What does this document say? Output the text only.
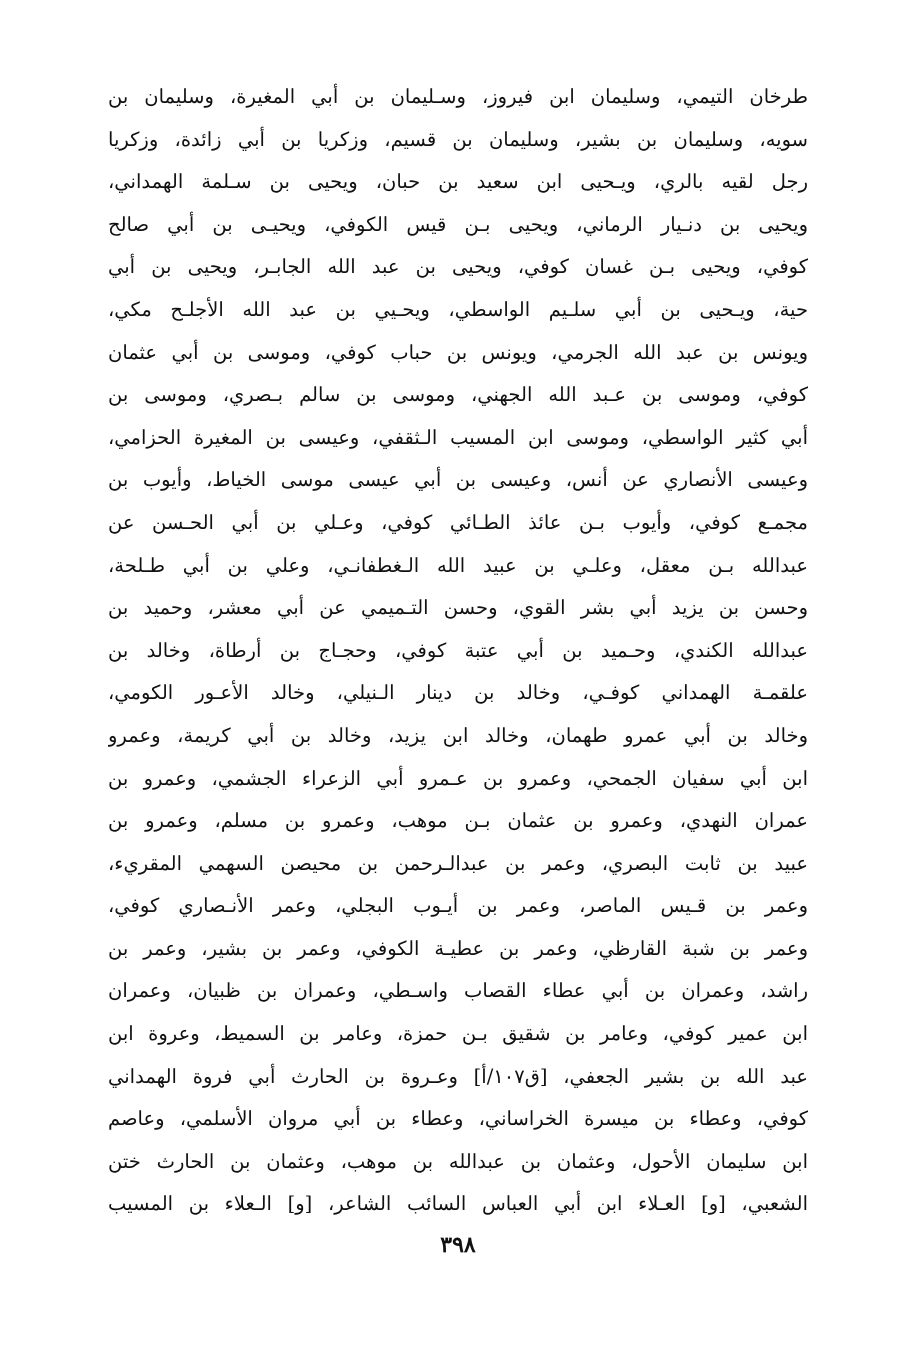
طرخان التيمي، وسليمان ابن فيروز، وسـليمان بن أبي المغيرة، وسليمان بن
سويه، وسليمان بن بشير، وسليمان بن قسيم، وزكريا بن أبي زائدة، وزكريا
رجل لقيه بالري، ويـحيى ابن سعيد بن حبان، ويحيى بن سـلمة الهمداني،
ويحيى بن دنـيار الرماني، ويحيى بـن قيس الكوفي، ويحيـى بن أبي صالح
كوفي، ويحيى بـن غسان كوفي، ويحيى بن عبد الله الجابـر، ويحيى بن أبي
حية، ويـحيى بن أبي سلـيم الواسطي، ويحـيي بن عبد الله الأجلـح مكي،
ويونس بن عبد الله الجرمي، ويونس بن حباب كوفي، وموسى بن أبي عثمان
كوفي، وموسى بن عـبد الله الجهني، وموسى بن سالم بـصري، وموسى بن
أبي كثير الواسطي، وموسى ابن المسيب الـثقفي، وعيسى بن المغيرة الحزامي،
وعيسى الأنصاري عن أنس، وعيسى بن أبي عيسى موسى الخياط، وأيوب بن
مجمـع كوفي، وأيوب بـن عائذ الطـائي كوفي، وعـلي بن أبي الحـسن عن
عبدالله بـن معقل، وعلـي بن عبيد الله الـغطفانـي، وعلي بن أبي طـلحة،
وحسن بن يزيد أبي بشر القوي، وحسن التـميمي عن أبي معشر، وحميد بن
عبدالله الكندي، وحـميد بن أبي عتبة كوفي، وحجـاج بن أرطاة، وخالد بن
علقمـة الهمداني كوفـي، وخالد بن دينار الـنيلي، وخالد الأعـور الكومي،
وخالد بن أبي عمرو طهمان، وخالد ابن يزيد، وخالد بن أبي كريمة، وعمرو
ابن أبي سفيان الجمحي، وعمرو بن عـمرو أبي الزعراء الجشمي، وعمرو بن
عمران النهدي، وعمرو بن عثمان بـن موهب، وعمرو بن مسلم، وعمرو بن
عبيد بن ثابت البصري، وعمر بن عبدالـرحمن بن محيصن السهمي المقريء،
وعمر بن قـيس الماصر، وعمر بن أيـوب البجلي، وعمر الأنـصاري كوفي،
وعمر بن شبة القارظي، وعمر بن عطيـة الكوفي، وعمر بن بشير، وعمر بن
راشد، وعمران بن أبي عطاء القصاب واسـطي، وعمران بن ظبيان، وعمران
ابن عمير كوفي، وعامر بن شقيق بـن حمزة، وعامر بن السميط، وعروة ابن
عبد الله بن بشير الجعفي، [ق١٠٧/أ] وعـروة بن الحارث أبي فروة الهمداني
كوفي، وعطاء بن ميسرة الخراساني، وعطاء بن أبي مروان الأسلمي، وعاصم
ابن سليمان الأحول، وعثمان بن عبدالله بن موهب، وعثمان بن الحارث ختن
الشعبي، [و] العـلاء ابن أبي العباس السائب الشاعر، [و] الـعلاء بن المسيب
٣٩٨
